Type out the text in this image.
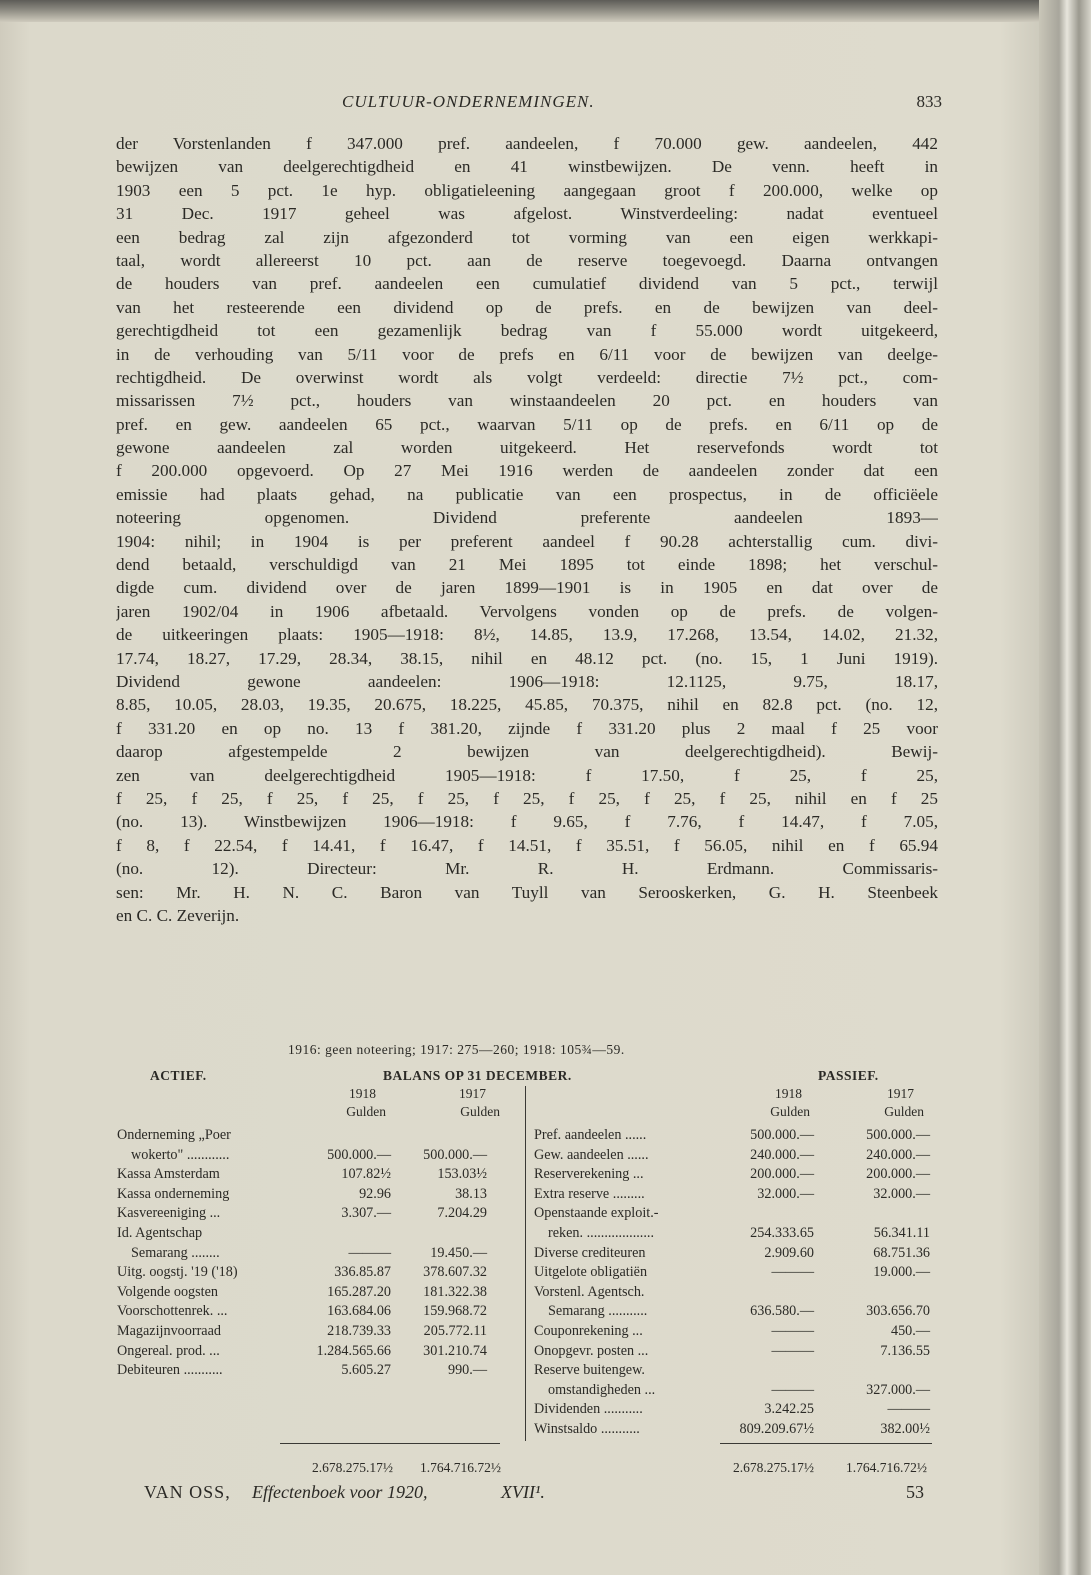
CULTUUR-ONDERNEMINGEN.	833
der Vorstenlanden f 347.000 pref. aandeelen, f 70.000 gew. aandeelen, 442
bewijzen van deelgerechtigdheid en 41 winstbewijzen. De venn. heeft in
1903 een 5 pct. 1e hyp. obligatieleening aangegaan groot f 200.000, welke op
31 Dec. 1917 geheel was afgelost. Winstverdeeling: nadat eventueel
een bedrag zal zijn afgezonderd tot vorming van een eigen werkkapi-
taal, wordt allereerst 10 pct. aan de reserve toegevoegd. Daarna ontvangen
de houders van pref. aandeelen een cumulatief dividend van 5 pct., terwijl
van het resteerende een dividend op de prefs. en de bewijzen van deel-
gerechtigdheid tot een gezamenlijk bedrag van f 55.000 wordt uitgekeerd,
in de verhouding van 5/11 voor de prefs en 6/11 voor de bewijzen van deelge-
rechtigdheid. De overwinst wordt als volgt verdeeld: directie 7½ pct., com-
missarissen 7½ pct., houders van winstaandeelen 20 pct. en houders van
pref. en gew. aandeelen 65 pct., waarvan 5/11 op de prefs. en 6/11 op de
gewone aandeelen zal worden uitgekeerd. Het reservefonds wordt tot
f 200.000 opgevoerd. Op 27 Mei 1916 werden de aandeelen zonder dat een
emissie had plaats gehad, na publicatie van een prospectus, in de officiëele
noteering opgenomen. Dividend preferente aandeelen 1893—
1904: nihil; in 1904 is per preferent aandeel f 90.28 achterstallig cum. divi-
dend betaald, verschuldigd van 21 Mei 1895 tot einde 1898; het verschul-
digde cum. dividend over de jaren 1899—1901 is in 1905 en dat over de
jaren 1902/04 in 1906 afbetaald. Vervolgens vonden op de prefs. de volgen-
de uitkeeringen plaats: 1905—1918: 8½, 14.85, 13.9, 17.268, 13.54, 14.02, 21.32,
17.74, 18.27, 17.29, 28.34, 38.15, nihil en 48.12 pct. (no. 15, 1 Juni 1919).
Dividend gewone aandeelen: 1906—1918: 12.1125, 9.75, 18.17,
8.85, 10.05, 28.03, 19.35, 20.675, 18.225, 45.85, 70.375, nihil en 82.8 pct. (no. 12,
f 331.20 en op no. 13 f 381.20, zijnde f 331.20 plus 2 maal f 25 voor
daarop afgestempelde 2 bewijzen van deelgerechtigdheid). Bewij-
zen van deelgerechtigdheid 1905—1918: f 17.50, f 25, f 25,
f 25, f 25, f 25, f 25, f 25, f 25, f 25, f 25, f 25, nihil en f 25
(no. 13). Winstbewijzen 1906—1918: f 9.65, f 7.76, f 14.47, f 7.05,
f 8, f 22.54, f 14.41, f 16.47, f 14.51, f 35.51, f 56.05, nihil en f 65.94
(no. 12). Directeur: Mr. R. H. Erdmann. Commissaris-
sen: Mr. H. N. C. Baron van Tuyll van Serooskerken, G. H. Steenbeek
en C. C. Zeverijn.
1916: geen noteering; 1917: 275—260; 1918: 105¾—59.
ACTIEF.	BALANS OP 31 DECEMBER.	PASSIEF.
1918	1917
Gulden	Gulden
1918	1917
Gulden	Gulden
Onderneming „Poer
wokerto" ............	500.000.—	500.000.—
Kassa Amsterdam	107.82½	153.03½
Kassa onderneming	92.96	38.13
Kasvereeniging ...	3.307.—	7.204.29
Id. Agentschap
Semarang ........	———	19.450.—
Uitg. oogstj. '19 ('18)	336.85.87	378.607.32
Volgende oogsten	165.287.20	181.322.38
Voorschottenrek. ...	163.684.06	159.968.72
Magazijnvoorraad	218.739.33	205.772.11
Ongereal. prod. ...	1.284.565.66	301.210.74
Debiteuren ...........	5.605.27	990.—
Pref. aandeelen ......	500.000.—	500.000.—
Gew. aandeelen ......	240.000.—	240.000.—
Reserverekening ...	200.000.—	200.000.—
Extra reserve .........	32.000.—	32.000.—
Openstaande exploit.-
reken. ...................	254.333.65	56.341.11
Diverse crediteuren	2.909.60	68.751.36
Uitgelote obligatiën	———	19.000.—
Vorstenl. Agentsch.
Semarang ...........	636.580.—	303.656.70
Couponrekening ...	———	450.—
Onopgevr. posten ...	———	7.136.55
Reserve buitengew.
omstandigheden ...	———	327.000.—
Dividenden ...........	3.242.25	———
Winstsaldo ...........	809.209.67½	382.00½
2.678.275.17½ 1.764.716.72½	2.678.275.17½ 1.764.716.72½
VAN OSS, Effectenboek voor 1920,	XVII¹.	53
